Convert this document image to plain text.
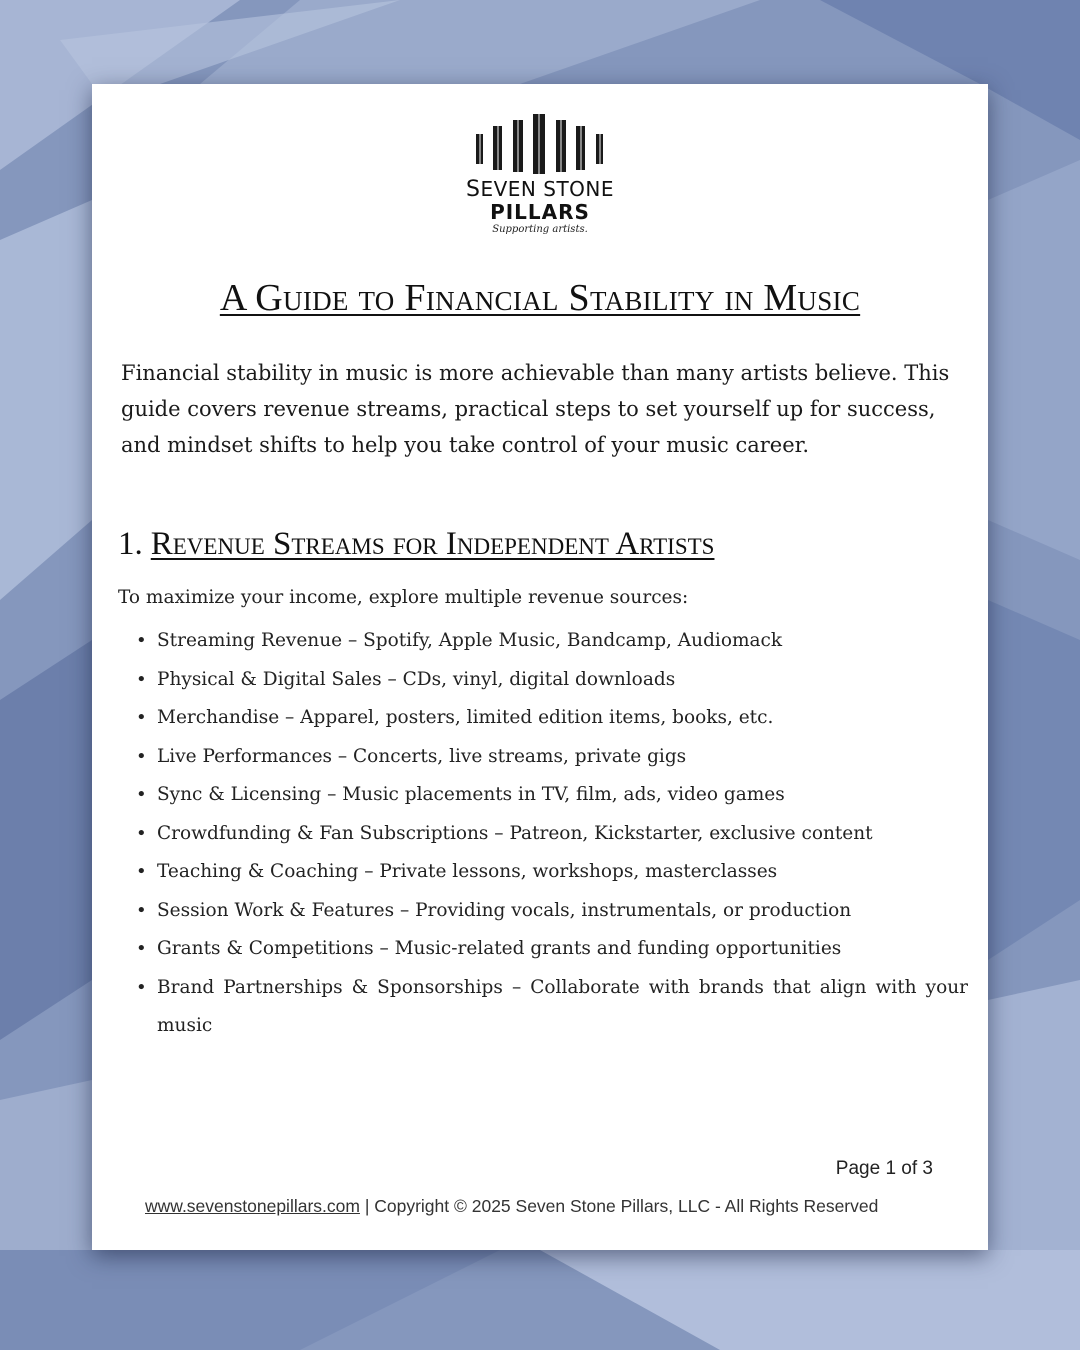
SEVEN STONE
PILLARS
Supporting artists.
A Guide to Financial Stability in Music
Financial stability in music is more achievable than many artists believe. This guide covers revenue streams, practical steps to set yourself up for success, and mindset shifts to help you take control of your music career.
1. Revenue Streams for Independent Artists
To maximize your income, explore multiple revenue sources:
• Streaming Revenue – Spotify, Apple Music, Bandcamp, Audiomack
• Physical & Digital Sales – CDs, vinyl, digital downloads
• Merchandise – Apparel, posters, limited edition items, books, etc.
• Live Performances – Concerts, live streams, private gigs
• Sync & Licensing – Music placements in TV, film, ads, video games
• Crowdfunding & Fan Subscriptions – Patreon, Kickstarter, exclusive content
• Teaching & Coaching – Private lessons, workshops, masterclasses
• Session Work & Features – Providing vocals, instrumentals, or production
• Grants & Competitions – Music-related grants and funding opportunities
• Brand Partnerships & Sponsorships – Collaborate with brands that align with your music
Page 1 of 3
www.sevenstonepillars.com | Copyright © 2025 Seven Stone Pillars, LLC - All Rights Reserved
